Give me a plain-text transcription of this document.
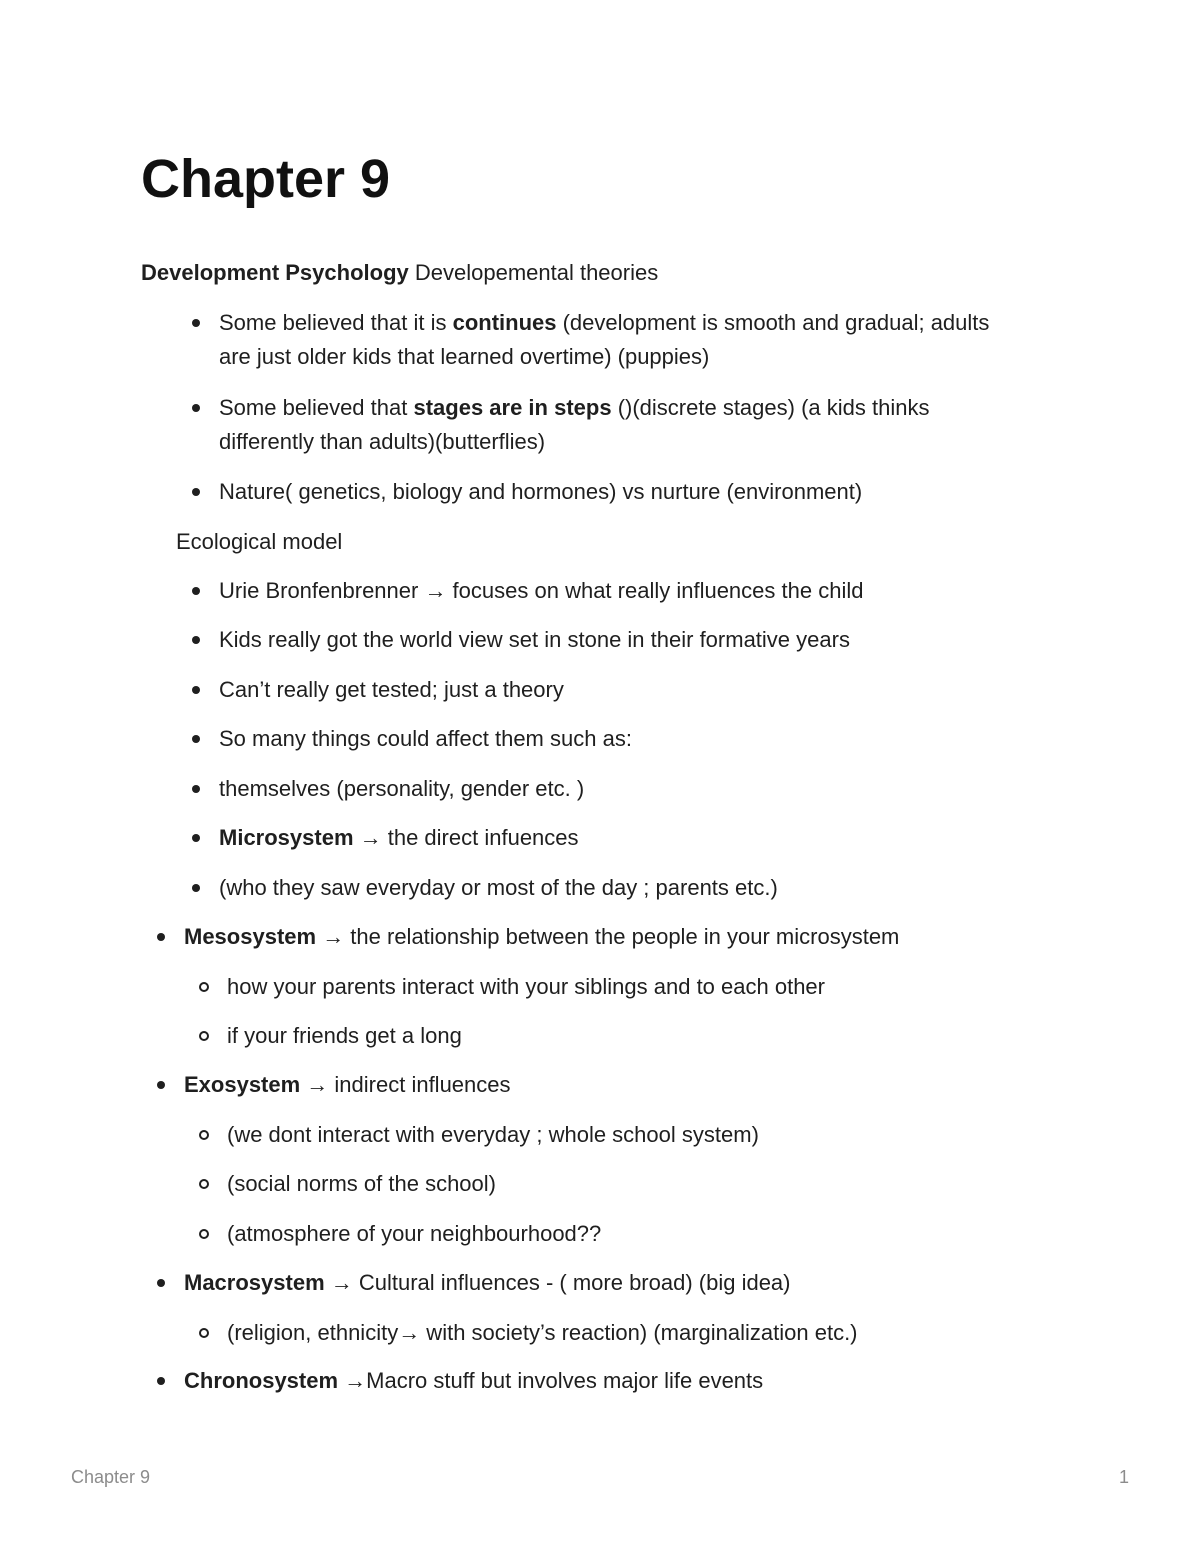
Chapter 9
Development Psychology Developemental theories
Some believed that it is continues (development is smooth and gradual; adults
are just older kids that learned overtime) (puppies)
Some believed that stages are in steps ()(discrete stages) (a kids thinks
differently than adults)(butterflies)
Nature( genetics, biology and hormones) vs nurture (environment)
Ecological model
Urie Bronfenbrenner → focuses on what really influences the child
Kids really got the world view set in stone in their formative years
Can’t really get tested; just a theory
So many things could affect them such as:
themselves (personality, gender etc. )
Microsystem → the direct infuences
(who they saw everyday or most of the day ; parents etc.)
Mesosystem → the relationship between the people in your microsystem
how your parents interact with your siblings and to each other
if your friends get a long
Exosystem → indirect influences
(we dont interact with everyday ; whole school system)
(social norms of the school)
(atmosphere of your neighbourhood??
Macrosystem → Cultural influences - ( more broad) (big idea)
(religion, ethnicity→ with society’s reaction) (marginalization etc.)
Chronosystem →Macro stuff but involves major life events
Chapter 9	1
